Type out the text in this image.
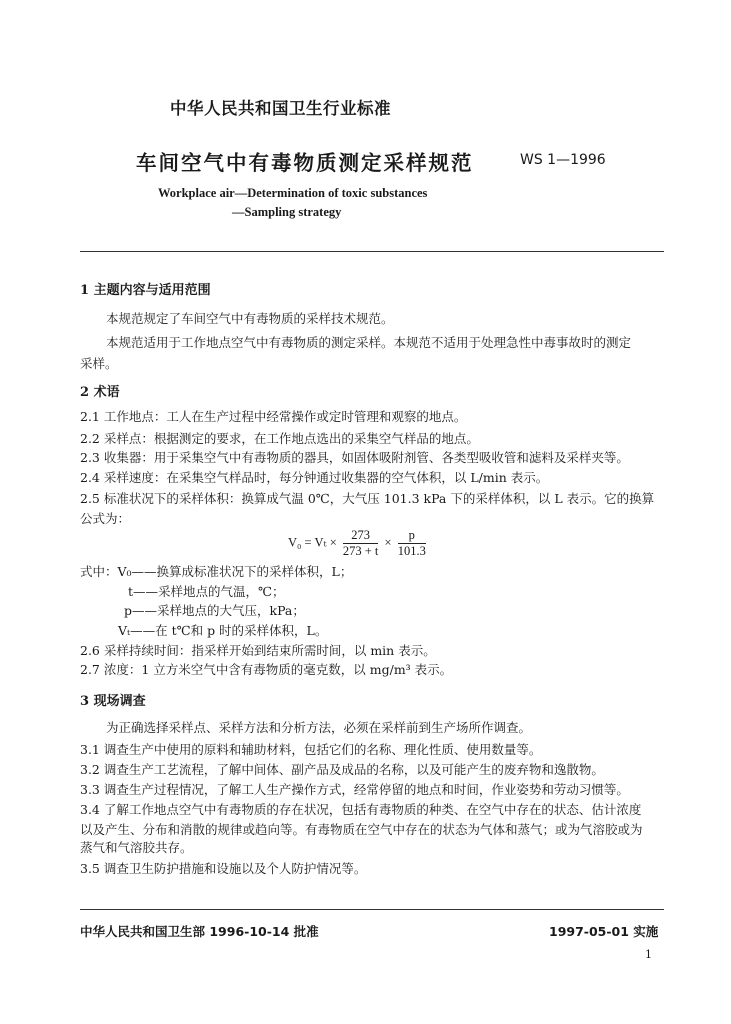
中华人民共和国卫生行业标准
车间空气中有毒物质测定采样规范	WS 1—1996
Workplace air—Determination of toxic substances
—Sampling strategy
1 主题内容与适用范围
本规范规定了车间空气中有毒物质的采样技术规范。
本规范适用于工作地点空气中有毒物质的测定采样。本规范不适用于处理急性中毒事故时的测定
采样。
2 术语
2.1 工作地点：工人在生产过程中经常操作或定时管理和观察的地点。
2.2 采样点：根据测定的要求，在工作地点选出的采集空气样品的地点。
2.3 收集器：用于采集空气中有毒物质的器具，如固体吸附剂管、各类型吸收管和滤料及采样夹等。
2.4 采样速度：在采集空气样品时，每分钟通过收集器的空气体积，以 L/min 表示。
2.5 标准状况下的采样体积：换算成气温 0℃，大气压 101.3 kPa 下的采样体积，以 L 表示。它的换算
公式为：
$V_0 = V_t \times \frac{273}{273 + t} \times \frac{p}{101.3}$
式中：V₀——换算成标准状况下的采样体积，L；
t——采样地点的气温，℃；
p——采样地点的大气压，kPa；
Vₜ——在 t℃和 p 时的采样体积，L。
2.6 采样持续时间：指采样开始到结束所需时间，以 min 表示。
2.7 浓度：1 立方米空气中含有毒物质的毫克数，以 mg/m³ 表示。
3 现场调查
为正确选择采样点、采样方法和分析方法，必须在采样前到生产场所作调查。
3.1 调查生产中使用的原料和辅助材料，包括它们的名称、理化性质、使用数量等。
3.2 调查生产工艺流程，了解中间体、副产品及成品的名称，以及可能产生的废弃物和逸散物。
3.3 调查生产过程情况，了解工人生产操作方式，经常停留的地点和时间，作业姿势和劳动习惯等。
3.4 了解工作地点空气中有毒物质的存在状况，包括有毒物质的种类、在空气中存在的状态、估计浓度
以及产生、分布和消散的规律或趋向等。有毒物质在空气中存在的状态为气体和蒸气；或为气溶胶或为
蒸气和气溶胶共存。
3.5 调查卫生防护措施和设施以及个人防护情况等。
中华人民共和国卫生部 1996-10-14 批准	1997-05-01 实施
1
